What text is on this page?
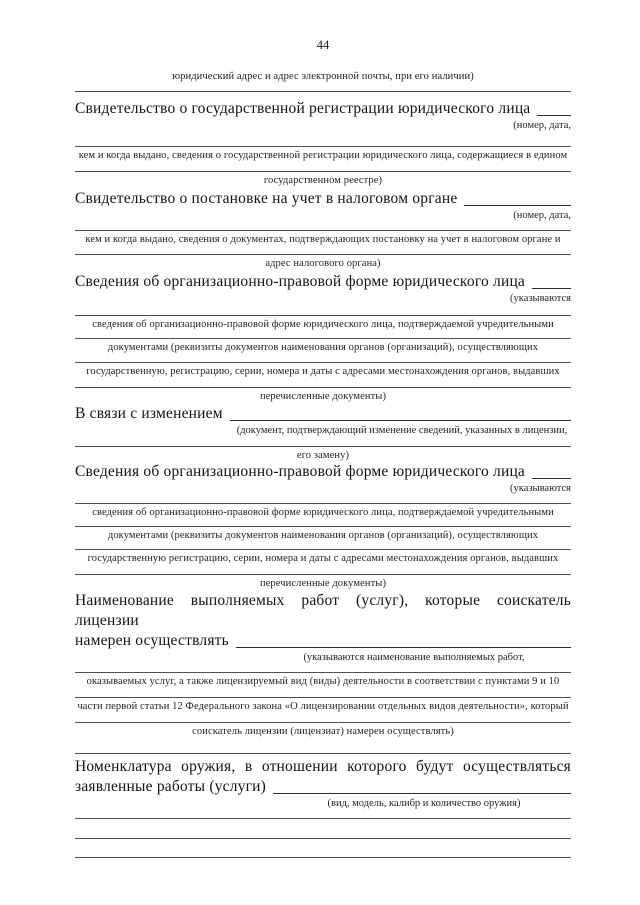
44
юридический адрес и адрес электронной почты, при его наличии)
Свидетельство о государственной регистрации юридического лица
(номер, дата,
кем и когда выдано, сведения о государственной регистрации юридического лица, содержащиеся в едином
государственном реестре)
Свидетельство о постановке на учет в налоговом органе
(номер, дата,
кем и когда выдано, сведения о документах, подтверждающих постановку на учет в налоговом органе и
адрес налогового органа)
Сведения об организационно-правовой форме юридического лица
(указываются
сведения об организационно-правовой форме юридического лица, подтверждаемой учредительными
документами (реквизиты документов наименования органов (организаций), осуществляющих
государственную, регистрацию, серии, номера и даты с адресами местонахождения органов, выдавших
перечисленные документы)
В связи с изменением
(документ, подтверждающий изменение сведений, указанных в лицензии,
его замену)
Сведения об организационно-правовой форме юридического лица
(указываются
сведения об организационно-правовой форме юридического лица, подтверждаемой учредительными
документами (реквизиты документов наименования органов (организаций), осуществляющих
государственную регистрацию, серии, номера и даты с адресами местонахождения органов, выдавших
перечисленные документы)
Наименование выполняемых работ (услуг), которые соискатель лицензии
намерен осуществлять
(указываются наименование выполняемых работ,
оказываемых услуг, а также лицензируемый вид (виды) деятельности в соответствии с пунктами 9 и 10
части первой статьи 12 Федерального закона «О лицензировании отдельных видов деятельности», который
соискатель лицензии (лицензиат) намерен осуществлять)
Номенклатура оружия, в отношении которого будут осуществляться
заявленные работы (услуги)
(вид, модель, калибр и количество оружия)
